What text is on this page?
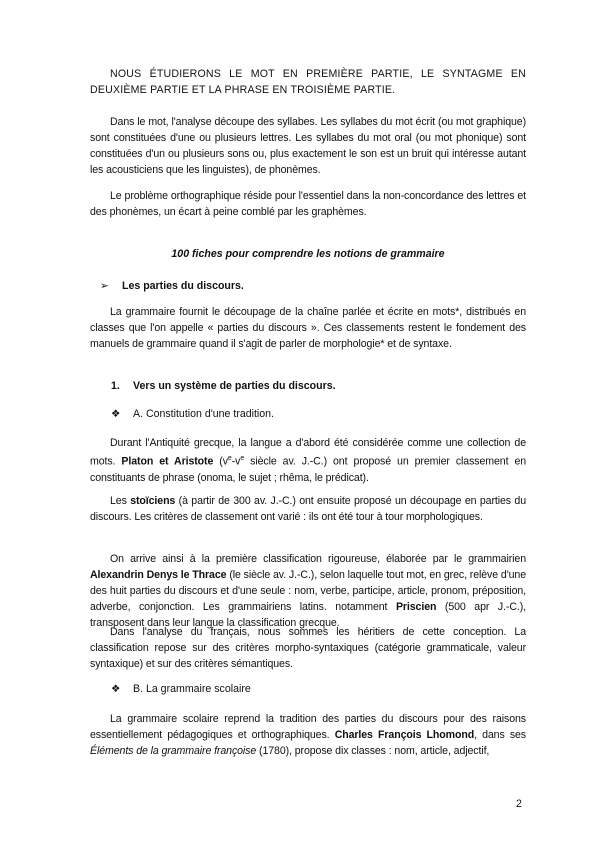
NOUS ÉTUDIERONS LE MOT EN PREMIÈRE PARTIE, LE SYNTAGME EN DEUXIÈME PARTIE ET LA PHRASE EN TROISIÈME PARTIE.

Dans le mot, l'analyse découpe des syllabes. Les syllabes du mot écrit (ou mot graphique) sont constituées d'une ou plusieurs lettres. Les syllabes du mot oral (ou mot phonique) sont constituées d'un ou plusieurs sons ou, plus exactement le son est un bruit qui intéresse autant les acousticiens que les linguistes), de phonèmes.

Le problème orthographique réside pour l'essentiel dans la non-concordance des lettres et des phonèmes, un écart à peine comblé par les graphèmes.

100 fiches pour comprendre les notions de grammaire
➢ Les parties du discours.

La grammaire fournit le découpage de la chaîne parlée et écrite en mots*, distribués en classes que l'on appelle « parties du discours ». Ces classements restent le fondement des manuels de grammaire quand il s'agit de parler de morphologie* et de syntaxe.

1. Vers un système de parties du discours.
❖ A. Constitution d'une tradition.

Durant l'Antiquité grecque, la langue a d'abord été considérée comme une collection de mots. Platon et Aristote ($v^e-v^e$ siècle av. J.-C.) ont proposé un premier classement en constituants de phrase (onoma, le sujet ; rhêma, le prédicat).

Les stoïciens (à partir de 300 av. J.-C.) ont ensuite proposé un découpage en parties du discours. Les critères de classement ont varié : ils ont été tour à tour morphologiques.

On arrive ainsi à la première classification rigoureuse, élaborée par le grammairien Alexandrin Denys le Thrace (le siècle av. J.-C.), selon laquelle tout mot, en grec, relève d'une des huit parties du discours et d'une seule : nom, verbe, participe, article, pronom, préposition, adverbe, conjonction. Les grammairiens latins. notamment Priscien (500 apr J.-C.), transposent dans leur langue la classification grecque.

Dans l'analyse du français, nous sommes les héritiers de cette conception. La classification repose sur des critères morpho-syntaxiques (catégorie grammaticale, valeur syntaxique) et sur des critères sémantiques.

❖ B. La grammaire scolaire

La grammaire scolaire reprend la tradition des parties du discours pour des raisons essentiellement pédagogiques et orthographiques. Charles François Lhomond, dans ses Éléments de la grammaire françoise (1780), propose dix classes : nom, article, adjectif,

2
